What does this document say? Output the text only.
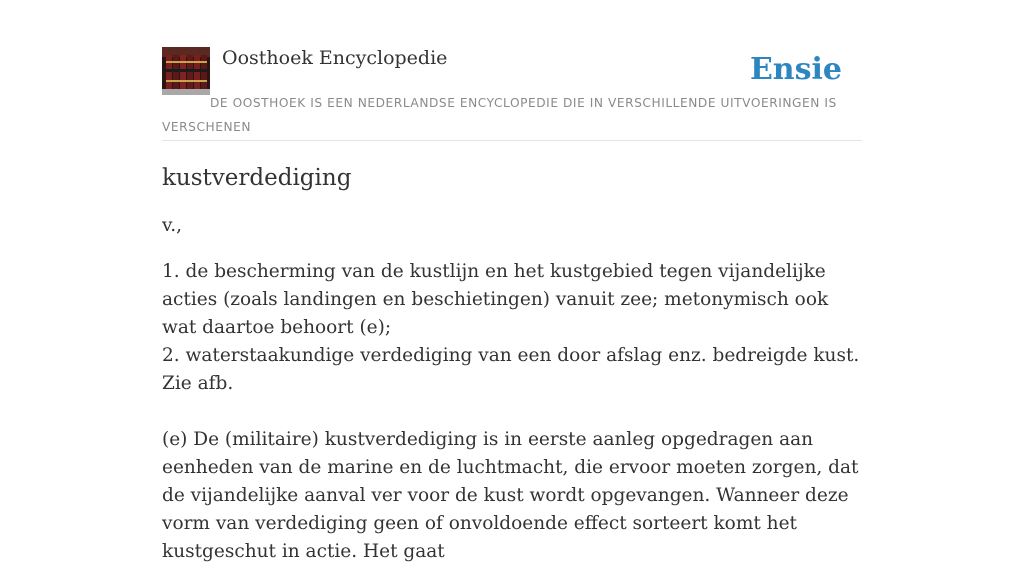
Oosthoek Encyclopedie	Ensie
DE OOSTHOEK IS EEN NEDERLANDSE ENCYCLOPEDIE DIE IN VERSCHILLENDE UITVOERINGEN IS VERSCHENEN
kustverdediging

v.,

1. de bescherming van de kustlijn en het kustgebied tegen vijandelijke acties (zoals landingen en beschietingen) vanuit zee; metonymisch ook wat daartoe behoort (e);
2. waterstaakundige verdediging van een door afslag enz. bedreigde kust. Zie afb.

(e) De (militaire) kustverdediging is in eerste aanleg opgedragen aan eenheden van de marine en de luchtmacht, die ervoor moeten zorgen, dat de vijandelijke aanval ver voor de kust wordt opgevangen. Wanneer deze vorm van verdediging geen of onvoldoende effect sorteert komt het kustgeschut in actie. Het gaat
